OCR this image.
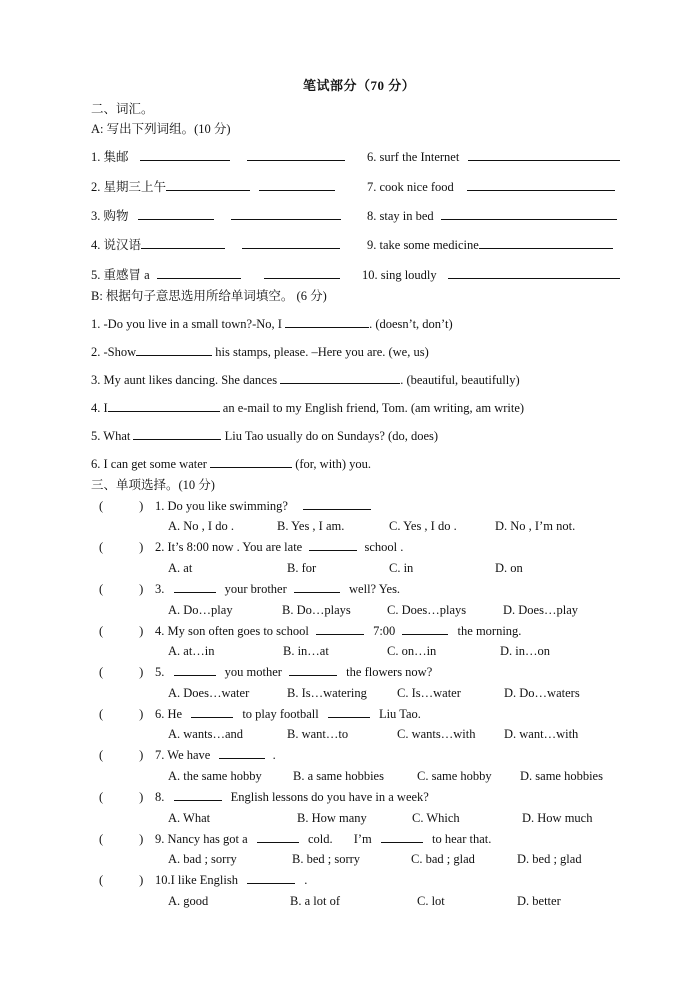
笔试部分（70 分）
二、词汇。
A: 写出下列词组。(10 分)
1. 集邮
2. 星期三上午
3. 购物
4. 说汉语
5. 重感冒 a
6. surf the Internet
7. cook nice food
8. stay in bed
9. take some medicine
10. sing loudly
B: 根据句子意思选用所给单词填空。 (6 分)
1. -Do you live in a small town?-No, I	. (doesn’t, don’t)
2. -Show	his stamps, please. –Here you are. (we, us)
3. My aunt likes dancing. She dances	. (beautiful, beautifully)
4. I	an e-mail to my English friend, Tom. (am writing, am write)
5. What	Liu Tao usually do on Sundays? (do, does)
6. I can get some water	(for, with) you.
三、单项选择。(10 分)
(	) 1. Do you like swimming?
A. No , I do .	B. Yes , I am.	C. Yes , I do .	D. No , I’m not.
(	) 2. It’s 8:00 now . You are late	school .
A. at	B. for	C. in	D. on
(	) 3.	your brother	well? Yes.
A. Do…play	B. Do…plays	C. Does…plays	D. Does…play
(	) 4. My son often goes to school	7:00	the morning.
A. at…in	B. in…at	C. on…in	D. in…on
(	) 5.	you mother	the flowers now?
A. Does…water	B. Is…watering C. Is…water	D. Do…waters
(	) 6. He	to play football	Liu Tao.
A. wants…and	B. want…to	C. wants…with D. want…with
(	) 7. We have	.
A. the same hobby	B. a same hobbies	C. same hobby D. same hobbies
(	) 8.	English lessons do you have in a week?
A. What	B. How many	C. Which	D. How much
(	) 9. Nancy has got a	cold. I’m	to hear that.
A. bad ; sorry	B. bed ; sorry	C. bad ; glad	D. bed ; glad
(	) 10.I like English	.
A. good	B. a lot of	C. lot	D. better
